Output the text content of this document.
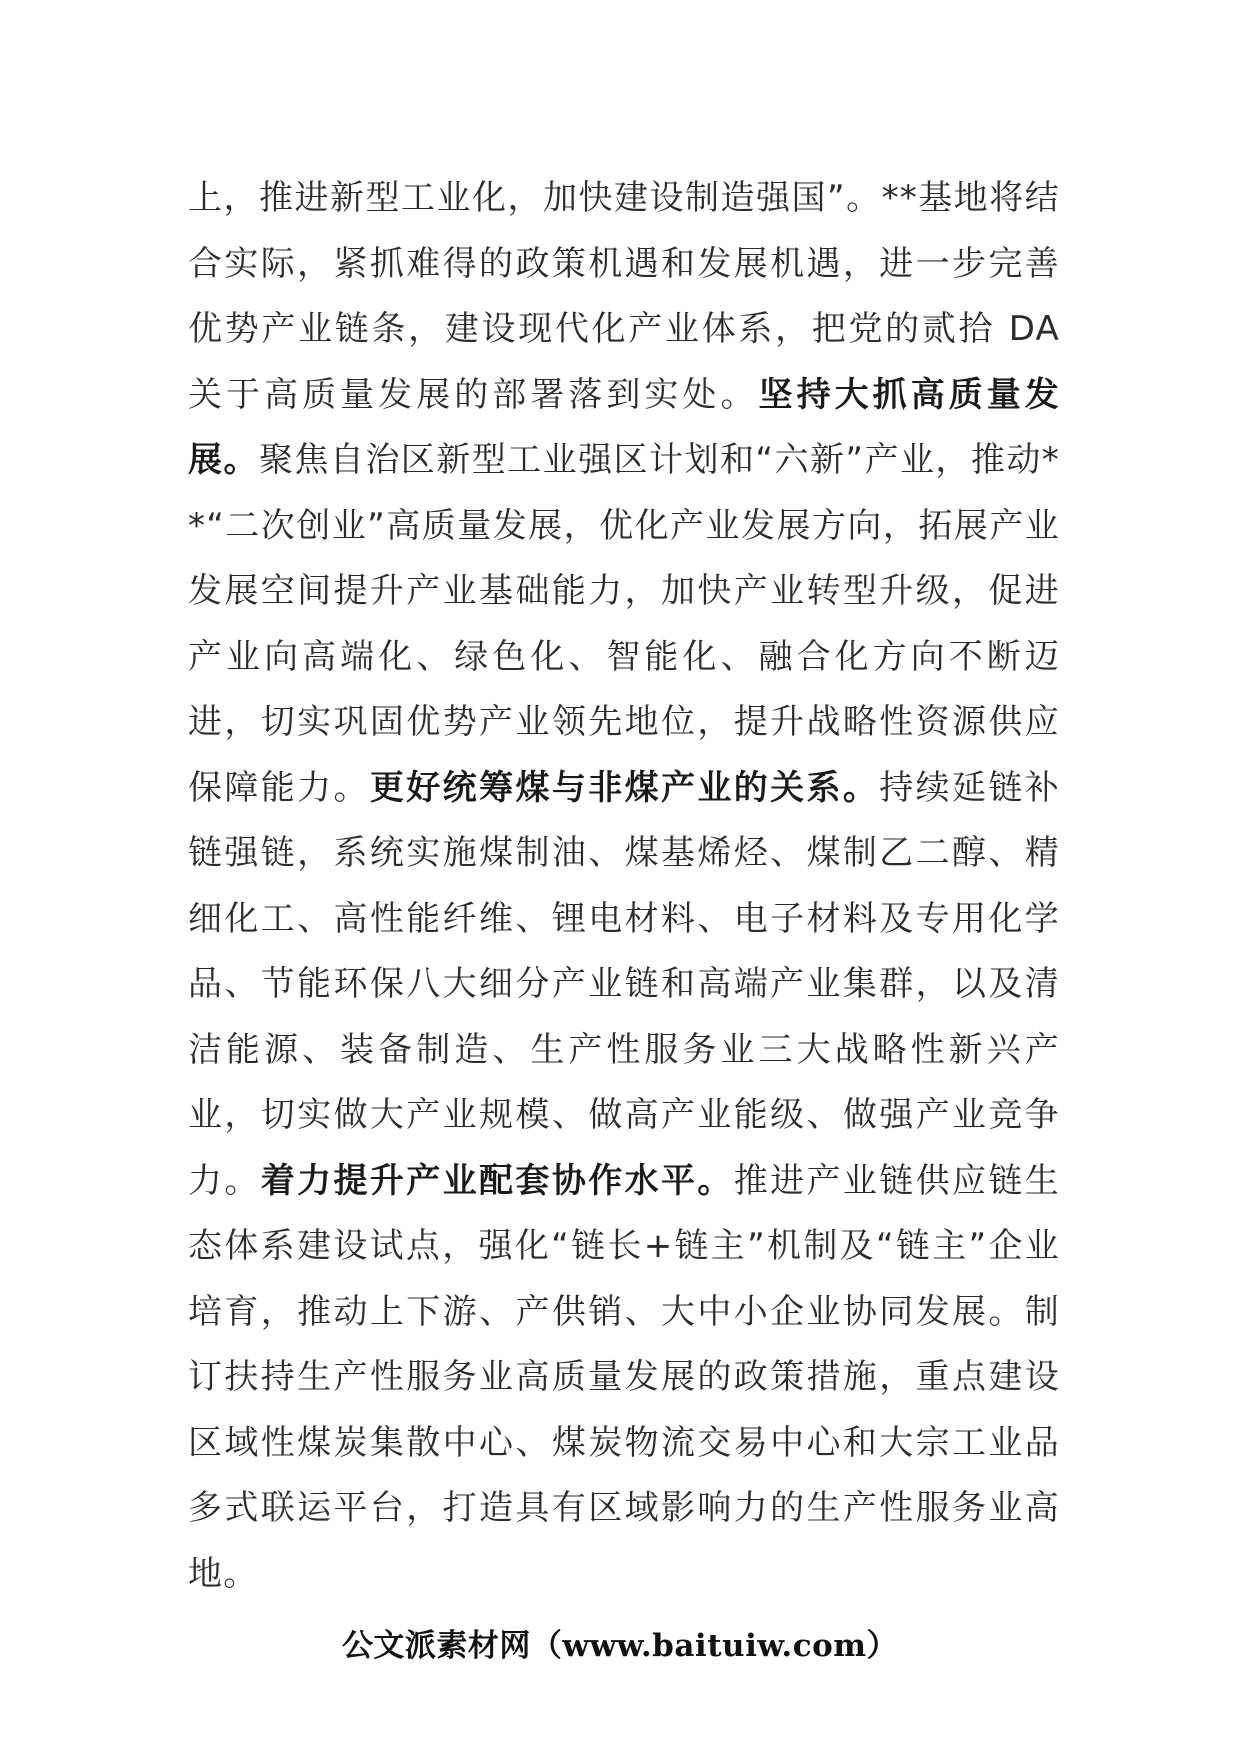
上，推进新型工业化，加快建设制造强国”。**基地将结合实际，紧抓难得的政策机遇和发展机遇，进一步完善优势产业链条，建设现代化产业体系，把党的贰拾 DA 关于高质量发展的部署落到实处。坚持大抓高质量发展。聚焦自治区新型工业强区计划和“六新”产业，推动**“二次创业”高质量发展，优化产业发展方向，拓展产业发展空间提升产业基础能力，加快产业转型升级，促进产业向高端化、绿色化、智能化、融合化方向不断迈进，切实巩固优势产业领先地位，提升战略性资源供应保障能力。更好统筹煤与非煤产业的关系。持续延链补链强链，系统实施煤制油、煤基烯烃、煤制乙二醇、精细化工、高性能纤维、锂电材料、电子材料及专用化学品、节能环保八大细分产业链和高端产业集群，以及清洁能源、装备制造、生产性服务业三大战略性新兴产业，切实做大产业规模、做高产业能级、做强产业竞争力。着力提升产业配套协作水平。推进产业链供应链生态体系建设试点，强化“链长+链主”机制及“链主”企业培育，推动上下游、产供销、大中小企业协同发展。制订扶持生产性服务业高质量发展的政策措施，重点建设区域性煤炭集散中心、煤炭物流交易中心和大宗工业品多式联运平台，打造具有区域影响力的生产性服务业高地。

公文派素材网（www.baituiw.com）
